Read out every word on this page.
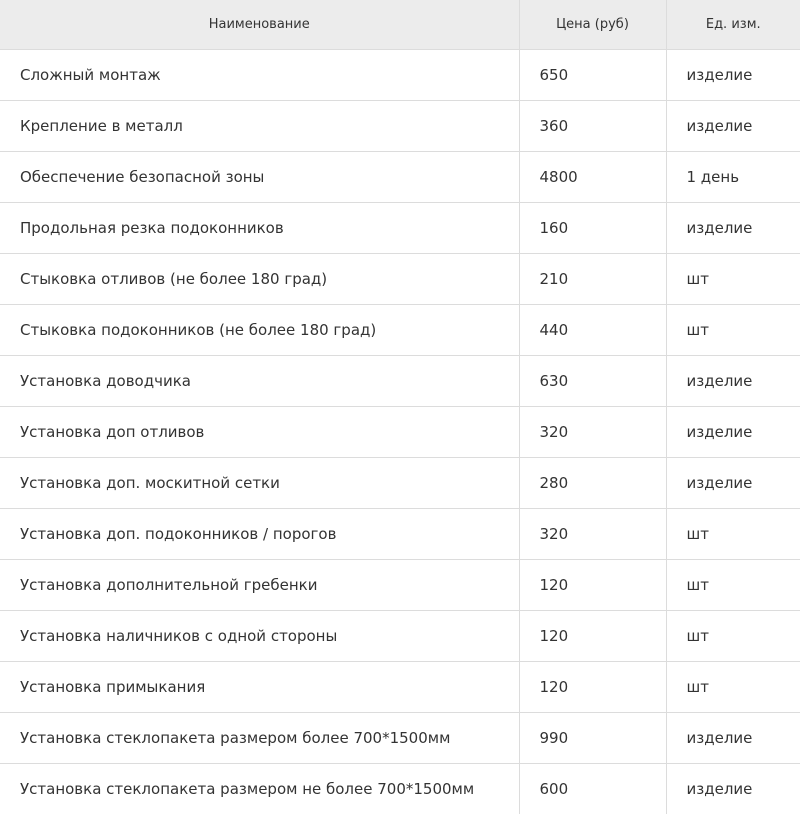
Наименование	Цена (руб)	Ед. изм.
Сложный монтаж	650	изделие
Крепление в металл	360	изделие
Обеспечение безопасной зоны	4800	1 день
Продольная резка подоконников	160	изделие
Стыковка отливов (не более 180 град)	210	шт
Стыковка подоконников (не более 180 град)	440	шт
Установка доводчика	630	изделие
Установка доп отливов	320	изделие
Установка доп. москитной сетки	280	изделие
Установка доп. подоконников / порогов	320	шт
Установка дополнительной гребенки	120	шт
Установка наличников с одной стороны	120	шт
Установка примыкания	120	шт
Установка стеклопакета размером более 700*1500мм	990	изделие
Установка стеклопакета размером не более 700*1500мм	600	изделие
